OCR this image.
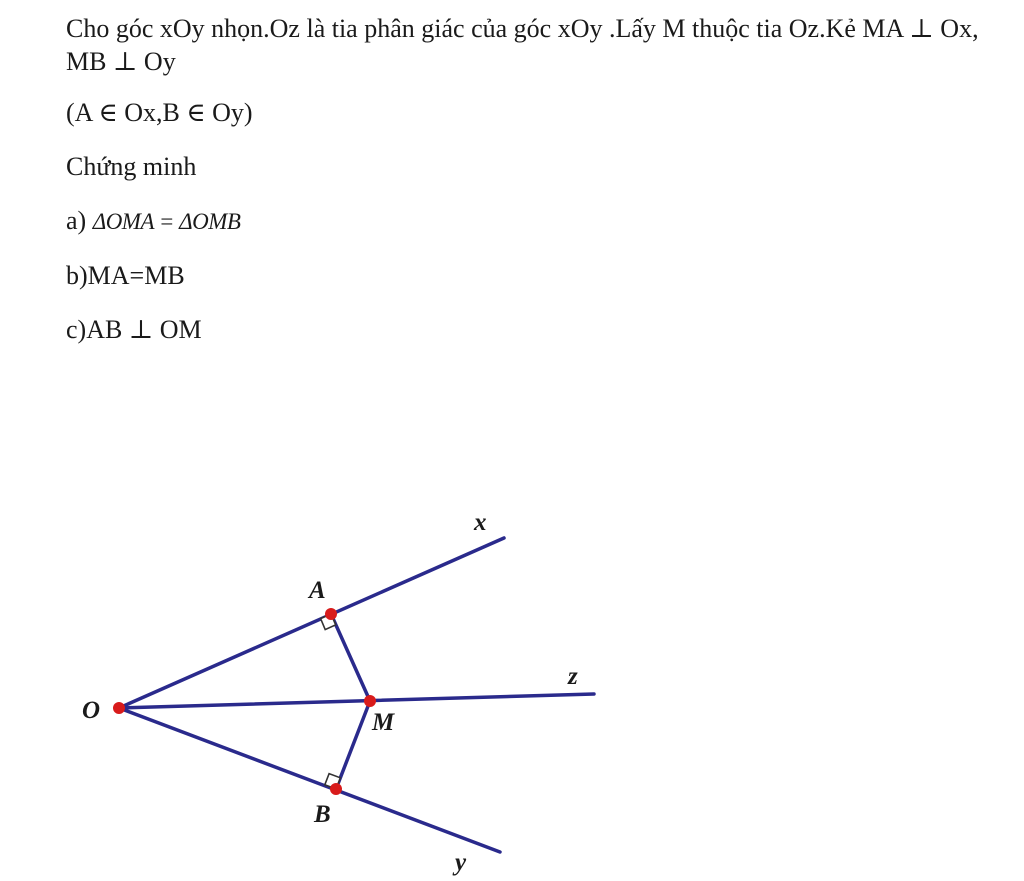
Cho góc xOy nhọn.Oz là tia phân giác của góc xOy .Lấy M thuộc tia Oz.Kẻ MA ⊥ Ox, MB ⊥ Oy
(A ∈ Ox,B ∈ Oy)
Chứng minh
a) ΔOMA = ΔOMB
b)MA=MB
c)AB ⊥ OM
O
A
M
B
x
z
y
